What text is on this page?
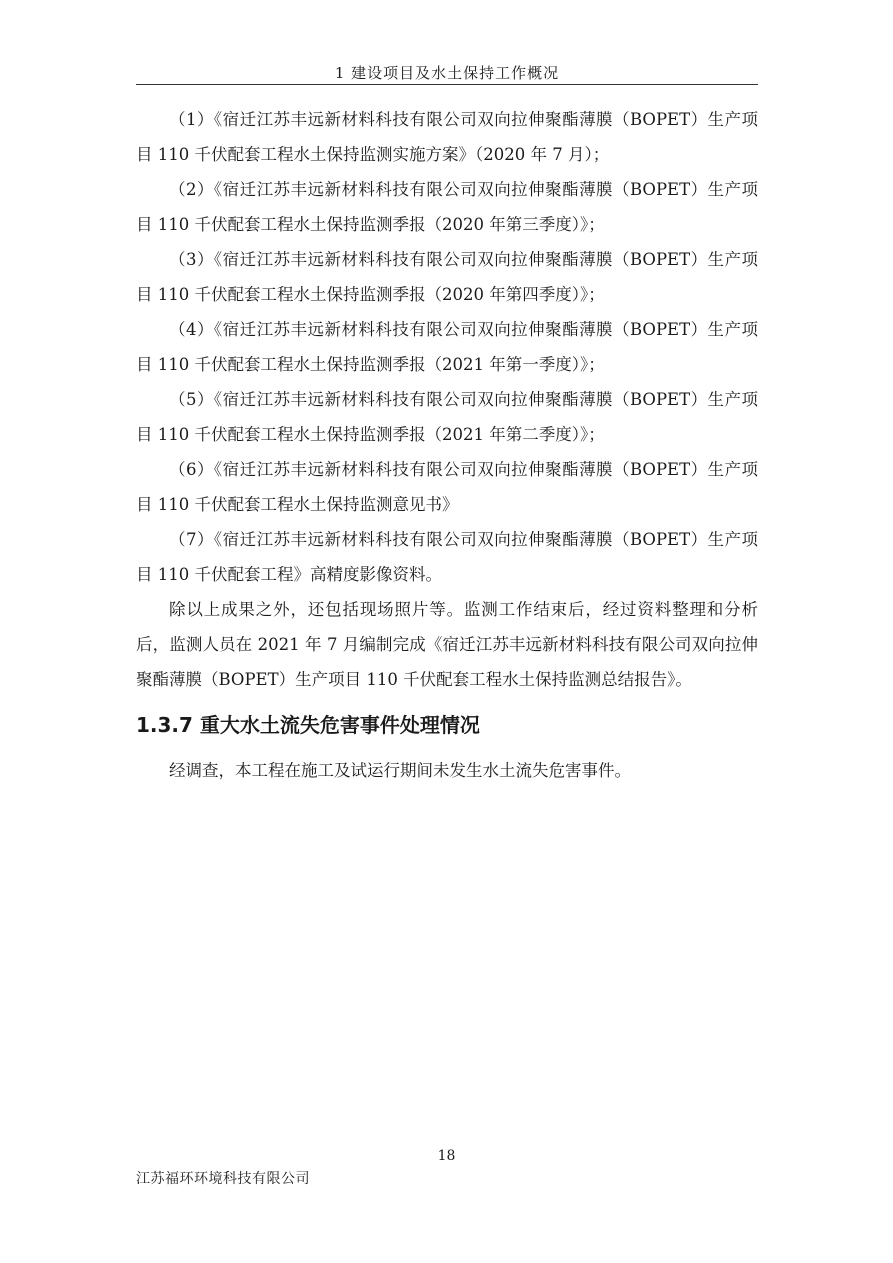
1 建设项目及水土保持工作概况

（1）《宿迁江苏丰远新材料科技有限公司双向拉伸聚酯薄膜（BOPET）生产项目 110 千伏配套工程水土保持监测实施方案》（2020 年 7 月）；

（2）《宿迁江苏丰远新材料科技有限公司双向拉伸聚酯薄膜（BOPET）生产项目 110 千伏配套工程水土保持监测季报（2020 年第三季度）》；

（3）《宿迁江苏丰远新材料科技有限公司双向拉伸聚酯薄膜（BOPET）生产项目 110 千伏配套工程水土保持监测季报（2020 年第四季度）》；

（4）《宿迁江苏丰远新材料科技有限公司双向拉伸聚酯薄膜（BOPET）生产项目 110 千伏配套工程水土保持监测季报（2021 年第一季度）》；

（5）《宿迁江苏丰远新材料科技有限公司双向拉伸聚酯薄膜（BOPET）生产项目 110 千伏配套工程水土保持监测季报（2021 年第二季度）》；

（6）《宿迁江苏丰远新材料科技有限公司双向拉伸聚酯薄膜（BOPET）生产项目 110 千伏配套工程水土保持监测意见书》

（7）《宿迁江苏丰远新材料科技有限公司双向拉伸聚酯薄膜（BOPET）生产项目 110 千伏配套工程》高精度影像资料。

除以上成果之外，还包括现场照片等。监测工作结束后，经过资料整理和分析后，监测人员在 2021 年 7 月编制完成《宿迁江苏丰远新材料科技有限公司双向拉伸聚酯薄膜（BOPET）生产项目 110 千伏配套工程水土保持监测总结报告》。

1.3.7 重大水土流失危害事件处理情况

经调查，本工程在施工及试运行期间未发生水土流失危害事件。

18
江苏福环环境科技有限公司
